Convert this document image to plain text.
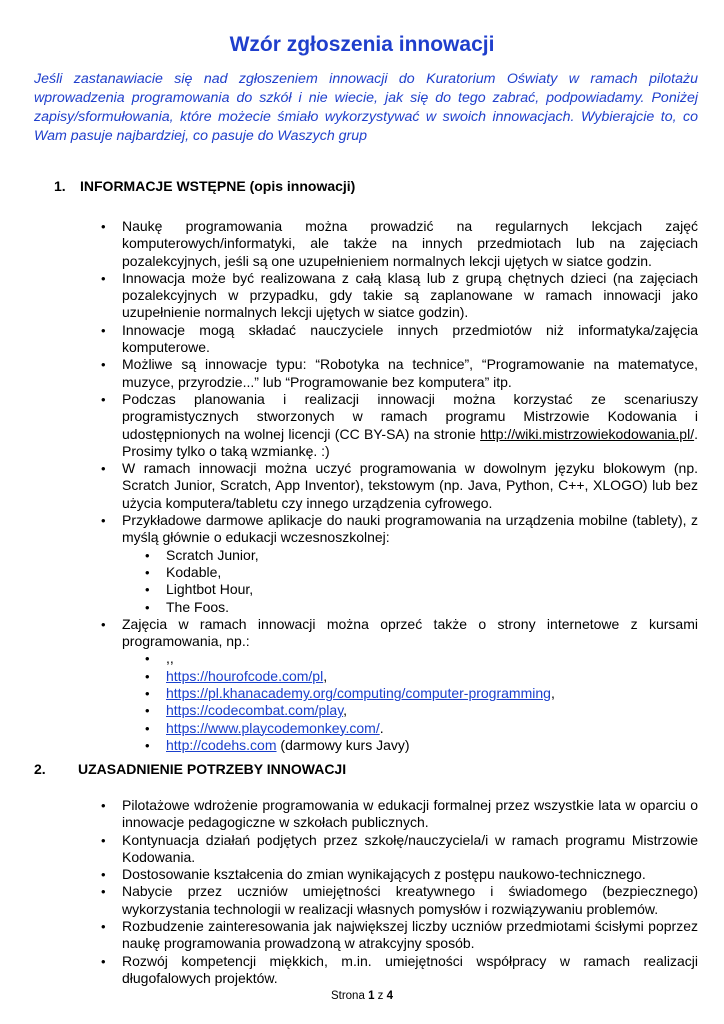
Wzór zgłoszenia innowacji
Jeśli zastanawiacie się nad zgłoszeniem innowacji do Kuratorium Oświaty w ramach pilotażu wprowadzenia programowania do szkół i nie wiecie, jak się do tego zabrać, podpowiadamy. Poniżej zapisy/sformułowania, które możecie śmiało wykorzystywać w swoich innowacjach. Wybierajcie to, co Wam pasuje najbardziej, co pasuje do Waszych grup
1. INFORMACJE WSTĘPNE (opis innowacji)
• Naukę programowania można prowadzić na regularnych lekcjach zajęć komputerowych/informatyki, ale także na innych przedmiotach lub na zajęciach pozalekcyjnych, jeśli są one uzupełnieniem normalnych lekcji ujętych w siatce godzin.
• Innowacja może być realizowana z całą klasą lub z grupą chętnych dzieci (na zajęciach pozalekcyjnych w przypadku, gdy takie są zaplanowane w ramach innowacji jako uzupełnienie normalnych lekcji ujętych w siatce godzin).
• Innowacje mogą składać nauczyciele innych przedmiotów niż informatyka/zajęcia komputerowe.
• Możliwe są innowacje typu: “Robotyka na technice”, “Programowanie na matematyce, muzyce, przyrodzie...” lub “Programowanie bez komputera” itp.
• Podczas planowania i realizacji innowacji można korzystać ze scenariuszy programistycznych stworzonych w ramach programu Mistrzowie Kodowania i udostępnionych na wolnej licencji (CC BY-SA) na stronie http://wiki.mistrzowiekodowania.pl/. Prosimy tylko o taką wzmiankę. :)
• W ramach innowacji można uczyć programowania w dowolnym języku blokowym (np. Scratch Junior, Scratch, App Inventor), tekstowym (np. Java, Python, C++, XLOGO) lub bez użycia komputera/tabletu czy innego urządzenia cyfrowego.
• Przykładowe darmowe aplikacje do nauki programowania na urządzenia mobilne (tablety), z myślą głównie o edukacji wczesnoszkolnej:
• Scratch Junior,
• Kodable,
• Lightbot Hour,
• The Foos.
• Zajęcia w ramach innowacji można oprzeć także o strony internetowe z kursami programowania, np.:
• ,,
• https://hourofcode.com/pl,
• https://pl.khanacademy.org/computing/computer-programming,
• https://codecombat.com/play,
• https://www.playcodemonkey.com/.
• http://codehs.com (darmowy kurs Javy)
2. UZASADNIENIE POTRZEBY INNOWACJI
• Pilotażowe wdrożenie programowania w edukacji formalnej przez wszystkie lata w oparciu o innowacje pedagogiczne w szkołach publicznych.
• Kontynuacja działań podjętych przez szkołę/nauczyciela/i w ramach programu Mistrzowie Kodowania.
• Dostosowanie kształcenia do zmian wynikających z postępu naukowo-technicznego.
• Nabycie przez uczniów umiejętności kreatywnego i świadomego (bezpiecznego) wykorzystania technologii w realizacji własnych pomysłów i rozwiązywaniu problemów.
• Rozbudzenie zainteresowania jak największej liczby uczniów przedmiotami ścisłymi poprzez naukę programowania prowadzoną w atrakcyjny sposób.
• Rozwój kompetencji miękkich, m.in. umiejętności współpracy w ramach realizacji długofalowych projektów.
Strona 1 z 4
